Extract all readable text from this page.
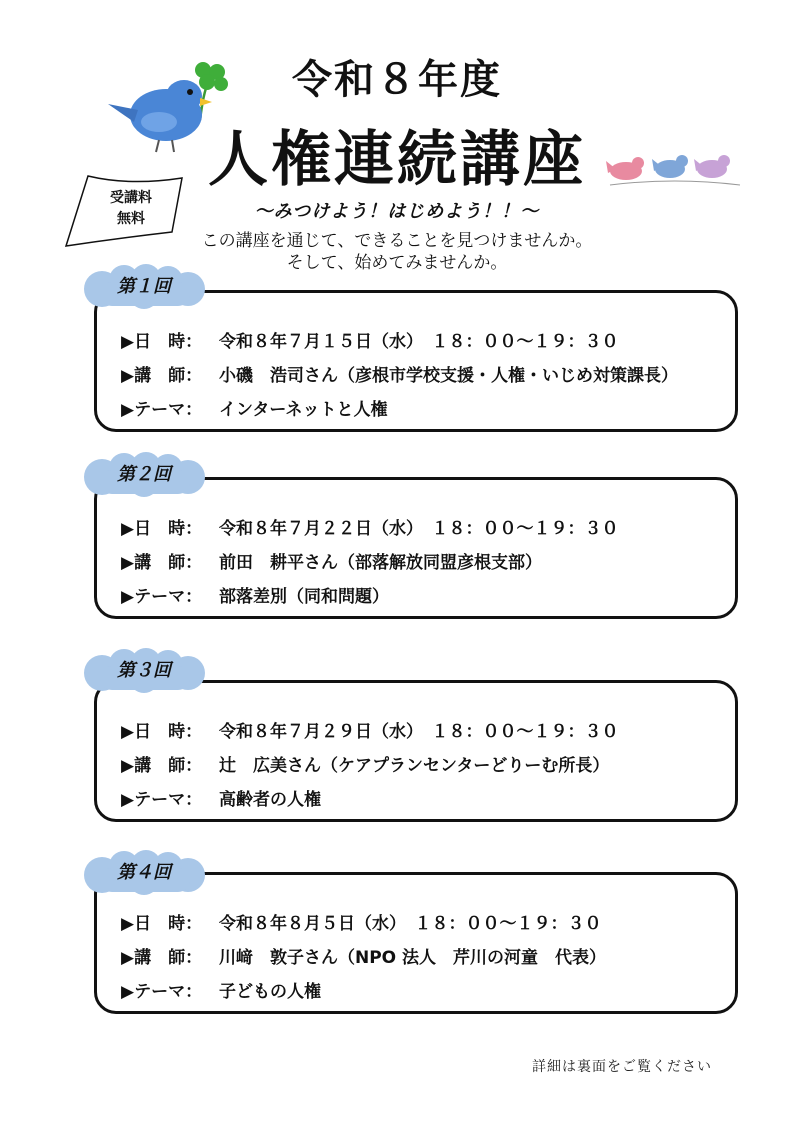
令和８年度
人権連続講座
～みつけよう！はじめよう！！～
この講座を通じて、できることを見つけませんか。
そして、始めてみませんか。
受講料
無料
▶日　時： 令和８年７月１５日（水）　１８：００～１９：３０
▶講　師： 小磯　浩司さん（彦根市学校支援・人権・いじめ対策課長）
▶テーマ： インターネットと人権
第１回
▶日　時： 令和８年７月２２日（水）　１８：００～１９：３０
▶講　師： 前田　耕平さん（部落解放同盟彦根支部）
▶テーマ： 部落差別（同和問題）
第２回
▶日　時： 令和８年７月２９日（水）　１８：００～１９：３０
▶講　師： 辻　広美さん（ケアプランセンターどりーむ所長）
▶テーマ： 高齢者の人権
第３回
▶日　時： 令和８年８月５日（水）　１８：００～１９：３０
▶講　師： 川﨑　敦子さん（NPO 法人　芹川の河童　代表）
▶テーマ： 子どもの人権
第４回
詳細は裏面をご覧ください
